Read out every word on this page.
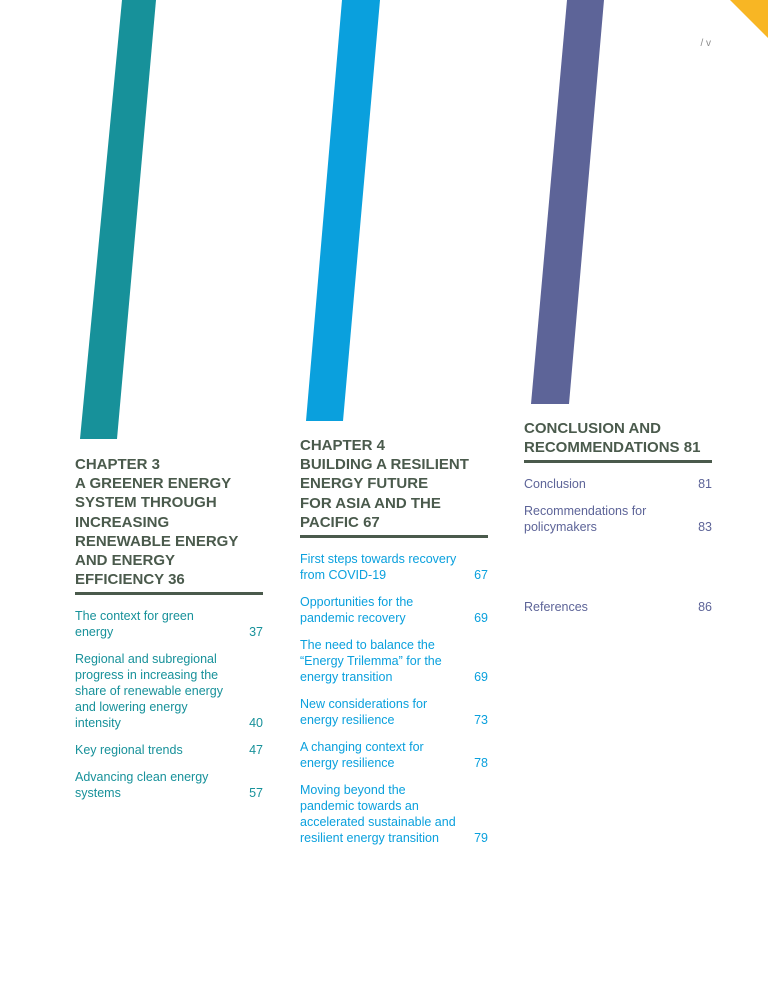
/ v
CHAPTER 3
A GREENER ENERGY
SYSTEM THROUGH
INCREASING
RENEWABLE ENERGY
AND ENERGY
EFFICIENCY 36
The context for green energy	37
Regional and subregional progress in increasing the share of renewable energy and lowering energy intensity	40
Key regional trends	47
Advancing clean energy systems	57
CHAPTER 4
BUILDING A RESILIENT
ENERGY FUTURE
FOR ASIA AND THE
PACIFIC 67
First steps towards recovery from COVID-19	67
Opportunities for the pandemic recovery	69
The need to balance the “Energy Trilemma” for the energy transition	69
New considerations for energy resilience	73
A changing context for energy resilience	78
Moving beyond the pandemic towards an accelerated sustainable and resilient energy transition	79
CONCLUSION AND
RECOMMENDATIONS 81
Conclusion	81
Recommendations for policymakers	83
References	86
